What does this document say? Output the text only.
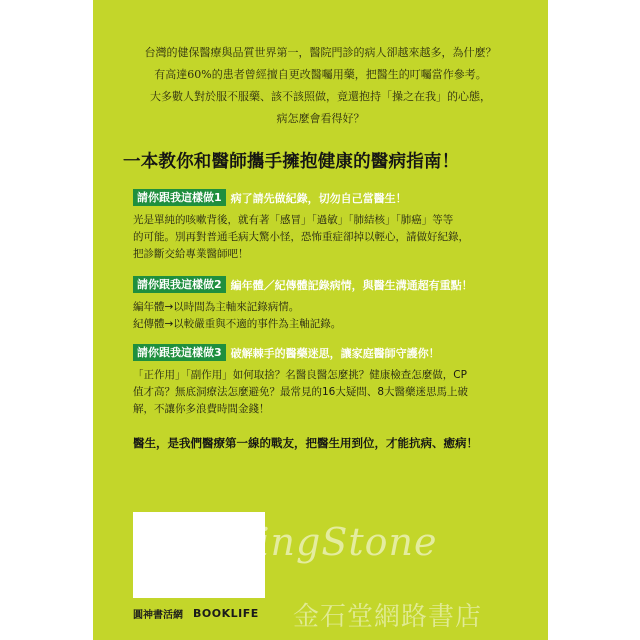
台灣的健保醫療與品質世界第一，醫院門診的病人卻越來越多，為什麼？
有高達60%的患者曾經擅自更改醫囑用藥，把醫生的叮囑當作參考。
大多數人對於服不服藥、該不該照做，竟還抱持「操之在我」的心態，
病怎麼會看得好？
一本教你和醫師攜手擁抱健康的醫病指南！
請你跟我這樣做1 病了請先做紀錄，切勿自己當醫生！
光是單純的咳嗽背後，就有著「感冒」「過敏」「肺結核」「肺癌」等等
的可能。別再對普通毛病大驚小怪，恐怖重症卻掉以輕心，請做好紀錄，
把診斷交給專業醫師吧！
請你跟我這樣做2 編年體／紀傳體記錄病情，與醫生溝通超有重點！
編年體→以時間為主軸來記錄病情。
紀傳體→以較嚴重與不適的事件為主軸記錄。
請你跟我這樣做3 破解棘手的醫藥迷思，讓家庭醫師守護你！
「正作用」「副作用」如何取捨？名醫良醫怎麼挑？健康檢查怎麼做，CP
值才高？無底洞療法怎麼避免？最常見的16大疑問、8大醫藥迷思馬上破
解，不讓你多浪費時間金錢！
醫生，是我們醫療第一線的戰友，把醫生用到位，才能抗病、癒病！
圓神書活網 BOOKLIFE
KingStone
金石堂網路書店
